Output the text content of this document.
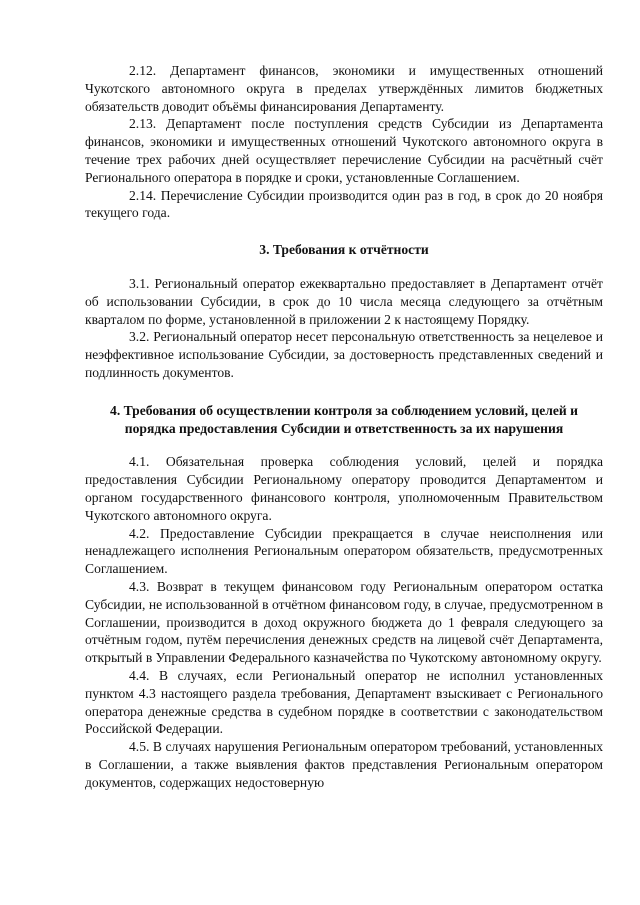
2.12. Департамент финансов, экономики и имущественных отношений Чукотского автономного округа в пределах утверждённых лимитов бюджетных обязательств доводит объёмы финансирования Департаменту.

2.13. Департамент после поступления средств Субсидии из Департамента финансов, экономики и имущественных отношений Чукотского автономного округа в течение трех рабочих дней осуществляет перечисление Субсидии на расчётный счёт Регионального оператора в порядке и сроки, установленные Соглашением.

2.14. Перечисление Субсидии производится один раз в год, в срок до 20 ноября текущего года.

3. Требования к отчётности

3.1. Региональный оператор ежеквартально предоставляет в Департамент отчёт об использовании Субсидии, в срок до 10 числа месяца следующего за отчётным кварталом по форме, установленной в приложении 2 к настоящему Порядку.

3.2. Региональный оператор несет персональную ответственность за нецелевое и неэффективное использование Субсидии, за достоверность представленных сведений и подлинность документов.

4. Требования об осуществлении контроля за соблюдением условий, целей и порядка предоставления Субсидии и ответственность за их нарушения

4.1. Обязательная проверка соблюдения условий, целей и порядка предоставления Субсидии Региональному оператору проводится Департаментом и органом государственного финансового контроля, уполномоченным Правительством Чукотского автономного округа.

4.2. Предоставление Субсидии прекращается в случае неисполнения или ненадлежащего исполнения Региональным оператором обязательств, предусмотренных Соглашением.

4.3. Возврат в текущем финансовом году Региональным оператором остатка Субсидии, не использованной в отчётном финансовом году, в случае, предусмотренном в Соглашении, производится в доход окружного бюджета до 1 февраля следующего за отчётным годом, путём перечисления денежных средств на лицевой счёт Департамента, открытый в Управлении Федерального казначейства по Чукотскому автономному округу.

4.4. В случаях, если Региональный оператор не исполнил установленных пунктом 4.3 настоящего раздела требования, Департамент взыскивает с Регионального оператора денежные средства в судебном порядке в соответствии с законодательством Российской Федерации.

4.5. В случаях нарушения Региональным оператором требований, установленных в Соглашении, а также выявления фактов представления Региональным оператором документов, содержащих недостоверную
